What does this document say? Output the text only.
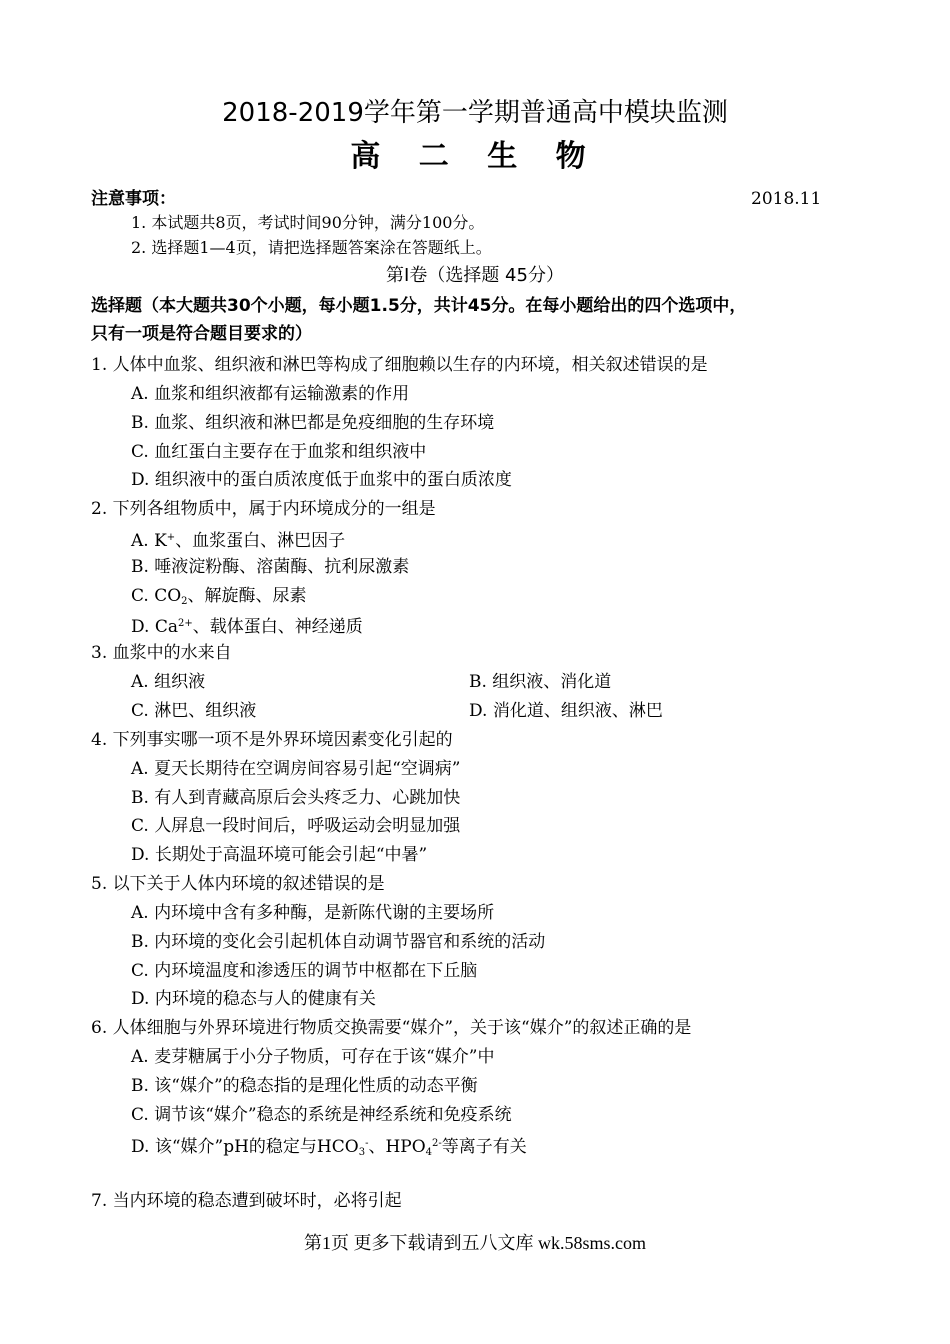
2018-2019学年第一学期普通高中模块监测
高 二 生 物
注意事项：	2018.11
1. 本试题共8页，考试时间90分钟，满分100分。
2. 选择题1—4页，请把选择题答案涂在答题纸上。
第Ⅰ卷（选择题 45分）
选择题（本大题共30个小题，每小题1.5分，共计45分。在每小题给出的四个选项中，
只有一项是符合题目要求的）
1. 人体中血浆、组织液和淋巴等构成了细胞赖以生存的内环境，相关叙述错误的是
A. 血浆和组织液都有运输激素的作用
B. 血浆、组织液和淋巴都是免疫细胞的生存环境
C. 血红蛋白主要存在于血浆和组织液中
D. 组织液中的蛋白质浓度低于血浆中的蛋白质浓度
2. 下列各组物质中，属于内环境成分的一组是
A. K+、血浆蛋白、淋巴因子
B. 唾液淀粉酶、溶菌酶、抗利尿激素
C. $CO_2$、解旋酶、尿素
D. $Ca^{2+}$、载体蛋白、神经递质
3. 血浆中的水来自
A. 组织液	B. 组织液、消化道
C. 淋巴、组织液	D. 消化道、组织液、淋巴
4. 下列事实哪一项不是外界环境因素变化引起的
A. 夏天长期待在空调房间容易引起“空调病”
B. 有人到青藏高原后会头疼乏力、心跳加快
C. 人屏息一段时间后，呼吸运动会明显加强
D. 长期处于高温环境可能会引起“中暑”
5. 以下关于人体内环境的叙述错误的是
A. 内环境中含有多种酶，是新陈代谢的主要场所
B. 内环境的变化会引起机体自动调节器官和系统的活动
C. 内环境温度和渗透压的调节中枢都在下丘脑
D. 内环境的稳态与人的健康有关
6. 人体细胞与外界环境进行物质交换需要“媒介”，关于该“媒介”的叙述正确的是
A. 麦芽糖属于小分子物质，可存在于该“媒介”中
B. 该“媒介”的稳态指的是理化性质的动态平衡
C. 调节该“媒介”稳态的系统是神经系统和免疫系统
D. 该“媒介”pH的稳定与$HCO_3^-$、$HPO_4^{2-}$等离子有关
7. 当内环境的稳态遭到破坏时，必将引起
第1页 更多下载请到五八文库 wk.58sms.com
